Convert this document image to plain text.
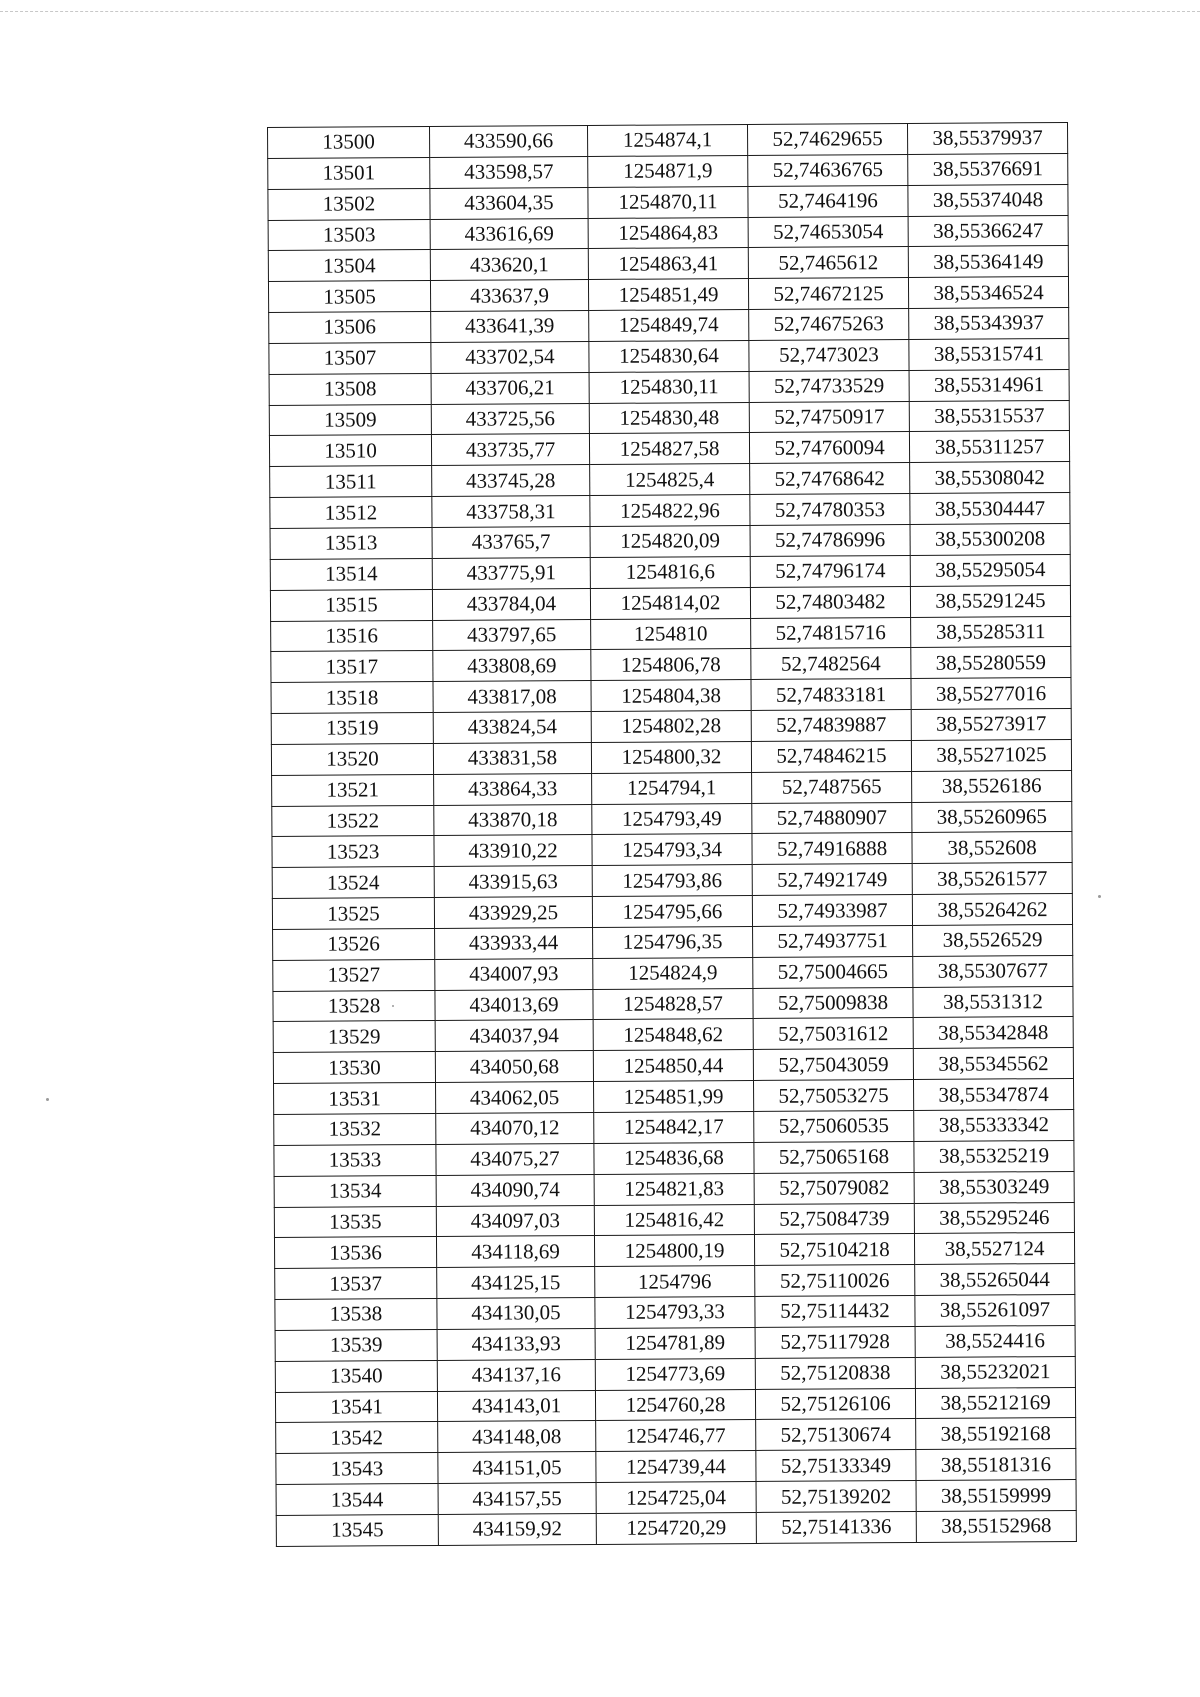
13500	433590,66	1254874,1	52,74629655	38,55379937
13501	433598,57	1254871,9	52,74636765	38,55376691
13502	433604,35	1254870,11	52,7464196	38,55374048
13503	433616,69	1254864,83	52,74653054	38,55366247
13504	433620,1	1254863,41	52,7465612	38,55364149
13505	433637,9	1254851,49	52,74672125	38,55346524
13506	433641,39	1254849,74	52,74675263	38,55343937
13507	433702,54	1254830,64	52,7473023	38,55315741
13508	433706,21	1254830,11	52,74733529	38,55314961
13509	433725,56	1254830,48	52,74750917	38,55315537
13510	433735,77	1254827,58	52,74760094	38,55311257
13511	433745,28	1254825,4	52,74768642	38,55308042
13512	433758,31	1254822,96	52,74780353	38,55304447
13513	433765,7	1254820,09	52,74786996	38,55300208
13514	433775,91	1254816,6	52,74796174	38,55295054
13515	433784,04	1254814,02	52,74803482	38,55291245
13516	433797,65	1254810	52,74815716	38,55285311
13517	433808,69	1254806,78	52,7482564	38,55280559
13518	433817,08	1254804,38	52,74833181	38,55277016
13519	433824,54	1254802,28	52,74839887	38,55273917
13520	433831,58	1254800,32	52,74846215	38,55271025
13521	433864,33	1254794,1	52,7487565	38,5526186
13522	433870,18	1254793,49	52,74880907	38,55260965
13523	433910,22	1254793,34	52,74916888	38,552608
13524	433915,63	1254793,86	52,74921749	38,55261577
13525	433929,25	1254795,66	52,74933987	38,55264262
13526	433933,44	1254796,35	52,74937751	38,5526529
13527	434007,93	1254824,9	52,75004665	38,55307677
13528	434013,69	1254828,57	52,75009838	38,5531312
13529	434037,94	1254848,62	52,75031612	38,55342848
13530	434050,68	1254850,44	52,75043059	38,55345562
13531	434062,05	1254851,99	52,75053275	38,55347874
13532	434070,12	1254842,17	52,75060535	38,55333342
13533	434075,27	1254836,68	52,75065168	38,55325219
13534	434090,74	1254821,83	52,75079082	38,55303249
13535	434097,03	1254816,42	52,75084739	38,55295246
13536	434118,69	1254800,19	52,75104218	38,5527124
13537	434125,15	1254796	52,75110026	38,55265044
13538	434130,05	1254793,33	52,75114432	38,55261097
13539	434133,93	1254781,89	52,75117928	38,5524416
13540	434137,16	1254773,69	52,75120838	38,55232021
13541	434143,01	1254760,28	52,75126106	38,55212169
13542	434148,08	1254746,77	52,75130674	38,55192168
13543	434151,05	1254739,44	52,75133349	38,55181316
13544	434157,55	1254725,04	52,75139202	38,55159999
13545	434159,92	1254720,29	52,75141336	38,55152968
